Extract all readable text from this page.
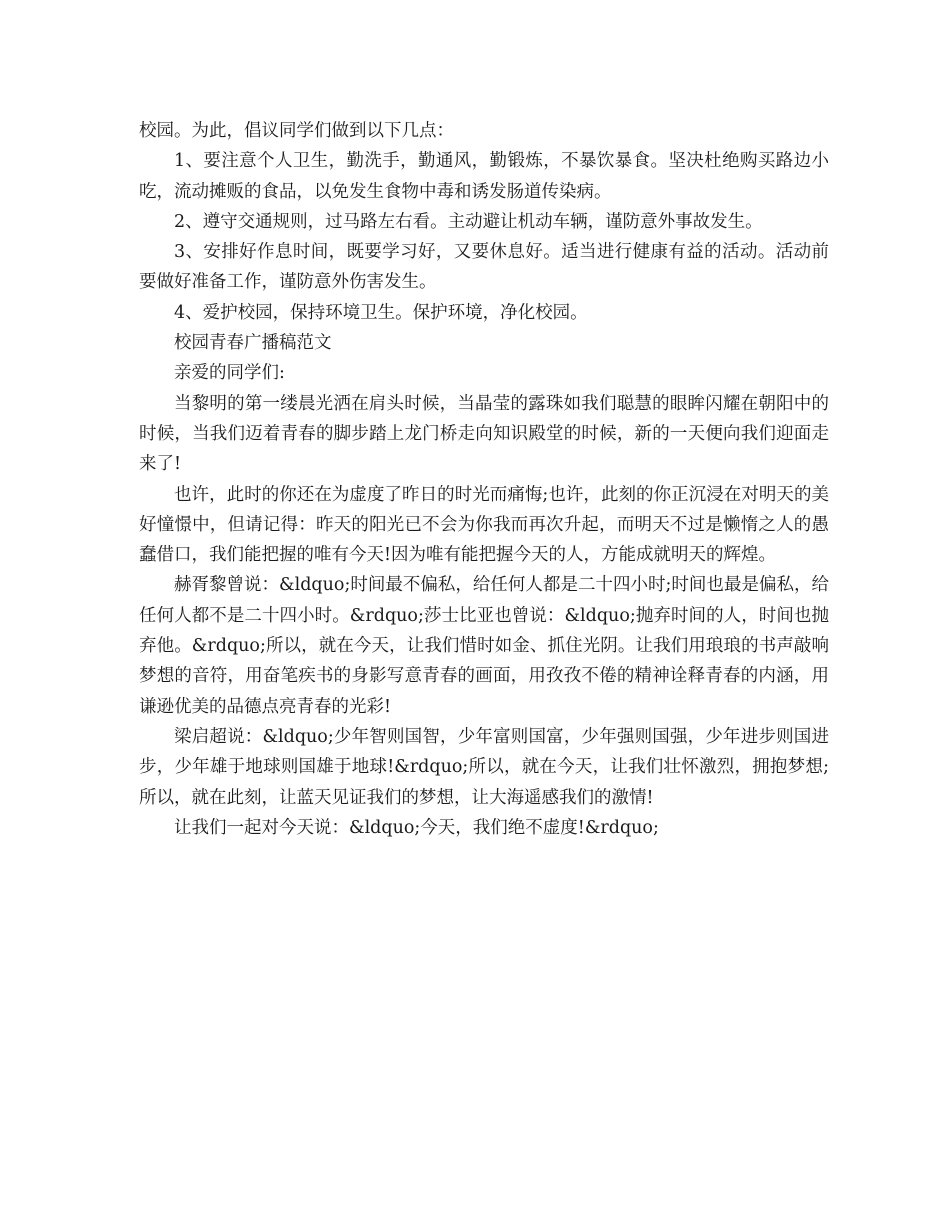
校园。为此，倡议同学们做到以下几点：

1、要注意个人卫生，勤洗手，勤通风，勤锻炼，不暴饮暴食。坚决杜绝购买路边小吃，流动摊贩的食品，以免发生食物中毒和诱发肠道传染病。

2、遵守交通规则，过马路左右看。主动避让机动车辆，谨防意外事故发生。

3、安排好作息时间，既要学习好，又要休息好。适当进行健康有益的活动。活动前要做好准备工作，谨防意外伤害发生。

4、爱护校园，保持环境卫生。保护环境，净化校园。

校园青春广播稿范文

亲爱的同学们:

当黎明的第一缕晨光洒在肩头时候，当晶莹的露珠如我们聪慧的眼眸闪耀在朝阳中的时候，当我们迈着青春的脚步踏上龙门桥走向知识殿堂的时候，新的一天便向我们迎面走来了!

也许，此时的你还在为虚度了昨日的时光而痛悔;也许，此刻的你正沉浸在对明天的美好憧憬中，但请记得：昨天的阳光已不会为你我而再次升起，而明天不过是懒惰之人的愚蠢借口，我们能把握的唯有今天!因为唯有能把握今天的人，方能成就明天的辉煌。

赫胥黎曾说：&ldquo;时间最不偏私，给任何人都是二十四小时;时间也最是偏私，给任何人都不是二十四小时。&rdquo;莎士比亚也曾说：&ldquo;抛弃时间的人，时间也抛弃他。&rdquo;所以，就在今天，让我们惜时如金、抓住光阴。让我们用琅琅的书声敲响梦想的音符，用奋笔疾书的身影写意青春的画面，用孜孜不倦的精神诠释青春的内涵，用谦逊优美的品德点亮青春的光彩!

梁启超说：&ldquo;少年智则国智，少年富则国富，少年强则国强，少年进步则国进步，少年雄于地球则国雄于地球!&rdquo;所以，就在今天，让我们壮怀激烈，拥抱梦想;所以，就在此刻，让蓝天见证我们的梦想，让大海遥感我们的激情!

让我们一起对今天说：&ldquo;今天，我们绝不虚度!&rdquo;
